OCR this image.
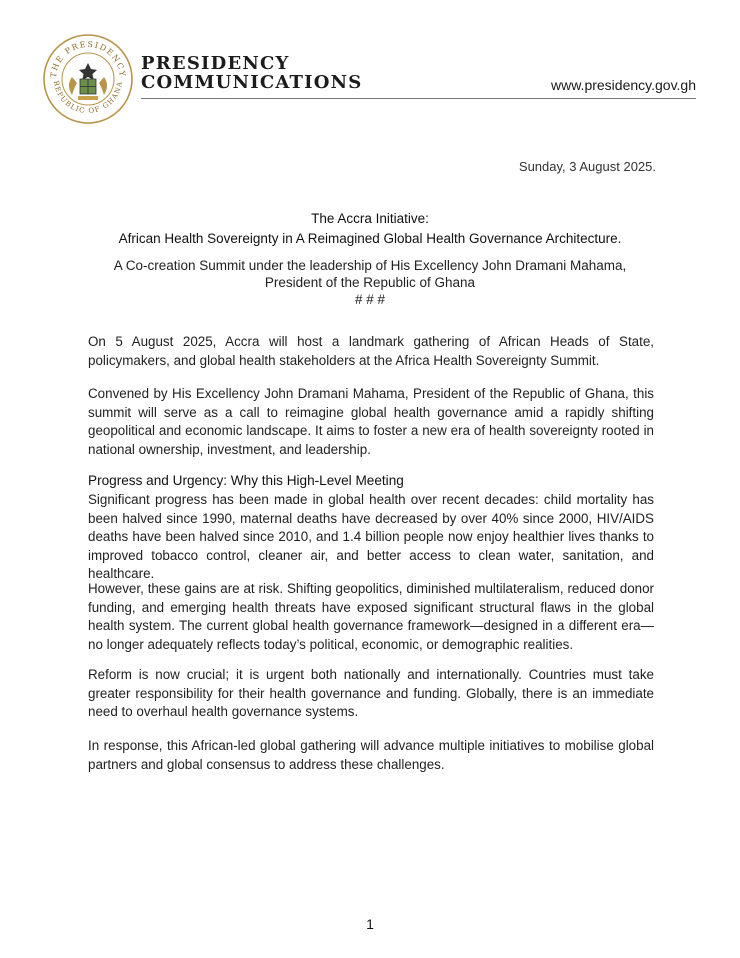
THE PRESIDENCY
REPUBLIC OF GHANA
PRESIDENCY
COMMUNICATIONS	www.presidency.gov.gh
Sunday, 3 August 2025.
The Accra Initiative:
African Health Sovereignty in A Reimagined Global Health Governance Architecture.
A Co-creation Summit under the leadership of His Excellency John Dramani Mahama,
President of the Republic of Ghana
# # #
On 5 August 2025, Accra will host a landmark gathering of African Heads of State, policymakers, and global health stakeholders at the Africa Health Sovereignty Summit.
Convened by His Excellency John Dramani Mahama, President of the Republic of Ghana, this summit will serve as a call to reimagine global health governance amid a rapidly shifting geopolitical and economic landscape. It aims to foster a new era of health sovereignty rooted in national ownership, investment, and leadership.
Progress and Urgency: Why this High-Level Meeting
Significant progress has been made in global health over recent decades: child mortality has been halved since 1990, maternal deaths have decreased by over 40% since 2000, HIV/AIDS deaths have been halved since 2010, and 1.4 billion people now enjoy healthier lives thanks to improved tobacco control, cleaner air, and better access to clean water, sanitation, and healthcare.
However, these gains are at risk. Shifting geopolitics, diminished multilateralism, reduced donor funding, and emerging health threats have exposed significant structural flaws in the global health system. The current global health governance framework—designed in a different era—no longer adequately reflects today’s political, economic, or demographic realities.
Reform is now crucial; it is urgent both nationally and internationally. Countries must take greater responsibility for their health governance and funding. Globally, there is an immediate need to overhaul health governance systems.
In response, this African-led global gathering will advance multiple initiatives to mobilise global partners and global consensus to address these challenges.
1
